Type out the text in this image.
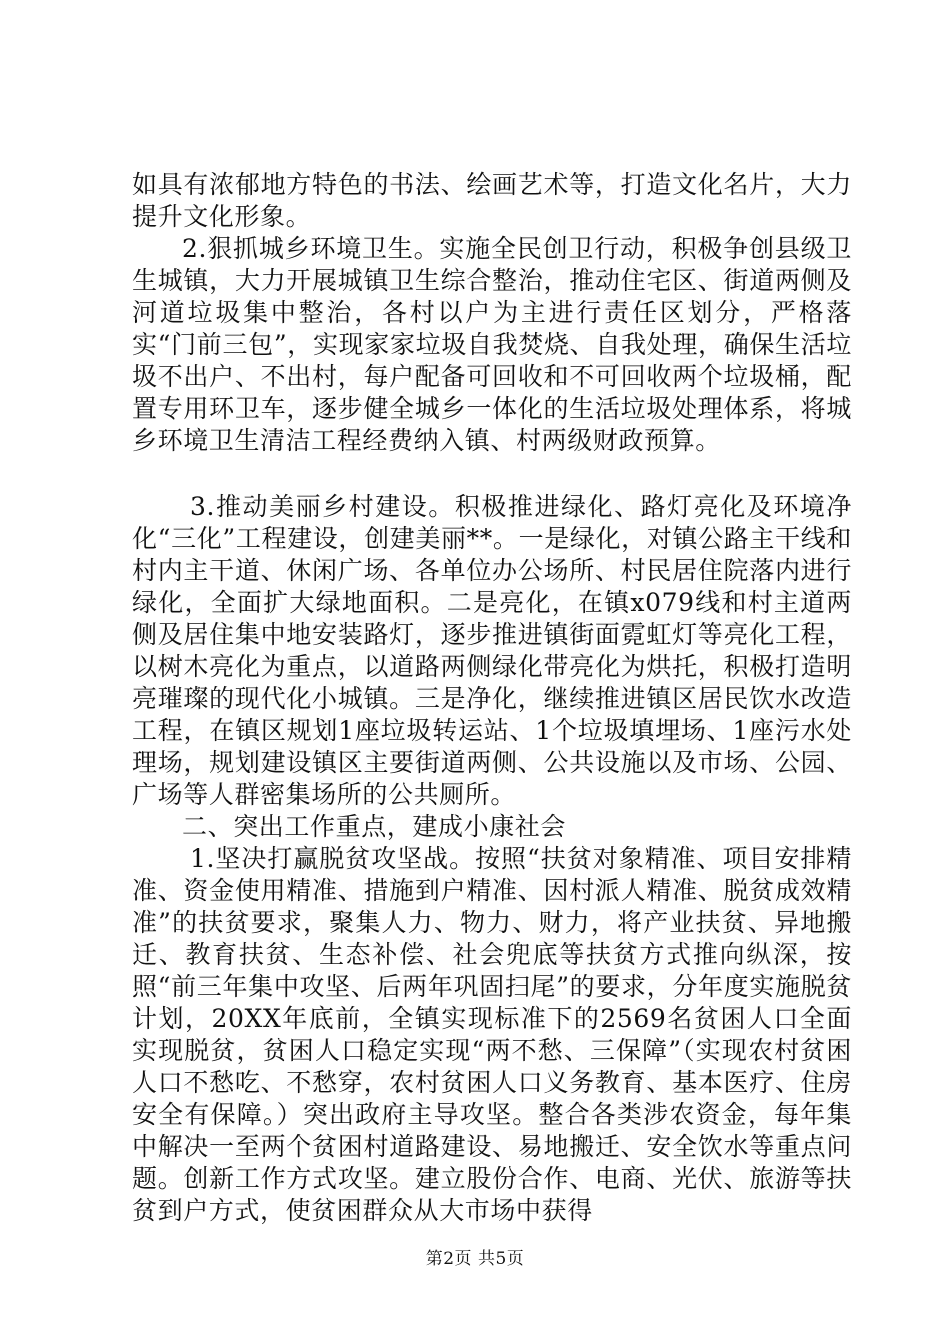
如具有浓郁地方特色的书法、绘画艺术等，打造文化名片，大力提升文化形象。

2.狠抓城乡环境卫生。实施全民创卫行动，积极争创县级卫生城镇，大力开展城镇卫生综合整治，推动住宅区、街道两侧及河道垃圾集中整治，各村以户为主进行责任区划分，严格落实“门前三包”，实现家家垃圾自我焚烧、自我处理，确保生活垃圾不出户、不出村，每户配备可回收和不可回收两个垃圾桶，配置专用环卫车，逐步健全城乡一体化的生活垃圾处理体系，将城乡环境卫生清洁工程经费纳入镇、村两级财政预算。

3.推动美丽乡村建设。积极推进绿化、路灯亮化及环境净化“三化”工程建设，创建美丽**。一是绿化，对镇公路主干线和村内主干道、休闲广场、各单位办公场所、村民居住院落内进行绿化，全面扩大绿地面积。二是亮化，在镇x079线和村主道两侧及居住集中地安装路灯，逐步推进镇街面霓虹灯等亮化工程，以树木亮化为重点，以道路两侧绿化带亮化为烘托，积极打造明亮璀璨的现代化小城镇。三是净化，继续推进镇区居民饮水改造工程，在镇区规划1座垃圾转运站、1个垃圾填埋场、1座污水处理场，规划建设镇区主要街道两侧、公共设施以及市场、公园、广场等人群密集场所的公共厕所。

二、突出工作重点，建成小康社会

1.坚决打赢脱贫攻坚战。按照“扶贫对象精准、项目安排精准、资金使用精准、措施到户精准、因村派人精准、脱贫成效精准”的扶贫要求，聚集人力、物力、财力，将产业扶贫、异地搬迁、教育扶贫、生态补偿、社会兜底等扶贫方式推向纵深，按照“前三年集中攻坚、后两年巩固扫尾”的要求，分年度实施脱贫计划，20XX年底前，全镇实现标准下的2569名贫困人口全面实现脱贫，贫困人口稳定实现“两不愁、三保障”（实现农村贫困人口不愁吃、不愁穿，农村贫困人口义务教育、基本医疗、住房安全有保障。）突出政府主导攻坚。整合各类涉农资金，每年集中解决一至两个贫困村道路建设、易地搬迁、安全饮水等重点问题。创新工作方式攻坚。建立股份合作、电商、光伏、旅游等扶贫到户方式，使贫困群众从大市场中获得

第2页 共5页
